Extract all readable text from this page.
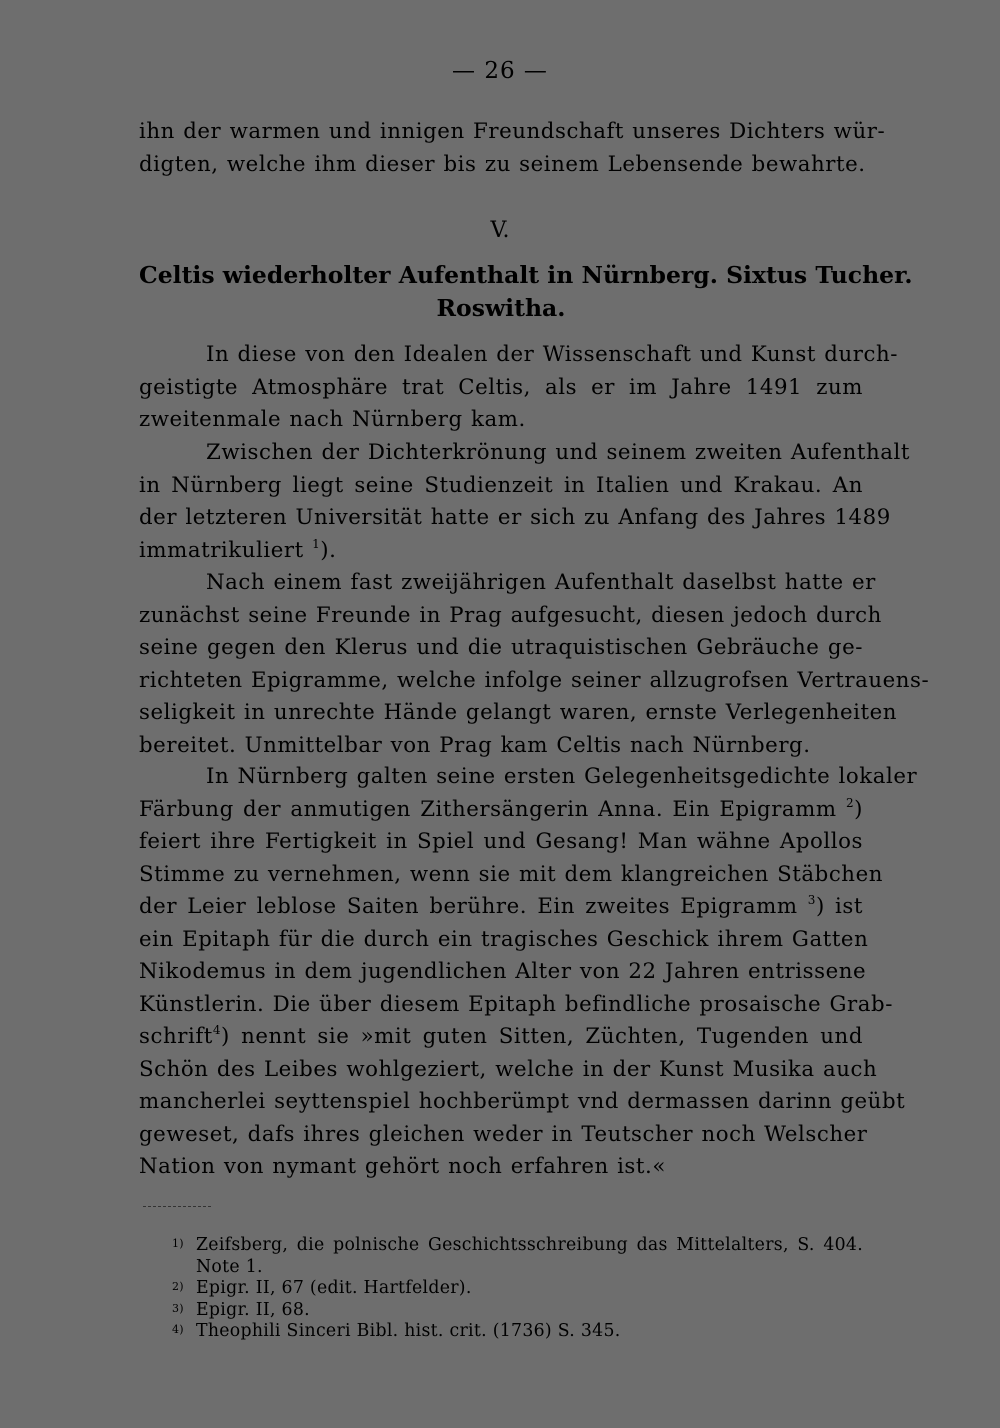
— 26 —
ihn der warmen und innigen Freundschaft unseres Dichters wür-
digten, welche ihm dieser bis zu seinem Lebensende bewahrte.
V.
Celtis wiederholter Aufenthalt in Nürnberg. Sixtus Tucher.
Roswitha.
In diese von den Idealen der Wissenschaft und Kunst durch-
geistigte Atmosphäre trat Celtis, als er im Jahre 1491 zum
zweitenmale nach Nürnberg kam.
Zwischen der Dichterkrönung und seinem zweiten Aufenthalt
in Nürnberg liegt seine Studienzeit in Italien und Krakau. An
der letzteren Universität hatte er sich zu Anfang des Jahres 1489
immatrikuliert $^1$).
Nach einem fast zweijährigen Aufenthalt daselbst hatte er
zunächst seine Freunde in Prag aufgesucht, diesen jedoch durch
seine gegen den Klerus und die utraquistischen Gebräuche ge-
richteten Epigramme, welche infolge seiner allzugrofsen Vertrauens-
seligkeit in unrechte Hände gelangt waren, ernste Verlegenheiten
bereitet. Unmittelbar von Prag kam Celtis nach Nürnberg.
In Nürnberg galten seine ersten Gelegenheitsgedichte lokaler
Färbung der anmutigen Zithersängerin Anna. Ein Epigramm $^2$)
feiert ihre Fertigkeit in Spiel und Gesang! Man wähne Apollos
Stimme zu vernehmen, wenn sie mit dem klangreichen Stäbchen
der Leier leblose Saiten berühre. Ein zweites Epigramm $^3$) ist
ein Epitaph für die durch ein tragisches Geschick ihrem Gatten
Nikodemus in dem jugendlichen Alter von 22 Jahren entrissene
Künstlerin. Die über diesem Epitaph befindliche prosaische Grab-
schrift$^4$) nennt sie »mit guten Sitten, Züchten, Tugenden und
Schön des Leibes wohlgeziert, welche in der Kunst Musika auch
mancherlei seyttenspiel hochberümpt vnd dermassen darinn geübt
geweset, dafs ihres gleichen weder in Teutscher noch Welscher
Nation von nymant gehört noch erfahren ist.«
1) Zeifsberg, die polnische Geschichtsschreibung das Mittelalters, S. 404.
Note 1.
2) Epigr. II, 67 (edit. Hartfelder).
3) Epigr. II, 68.
4) Theophili Sinceri Bibl. hist. crit. (1736) S. 345.
